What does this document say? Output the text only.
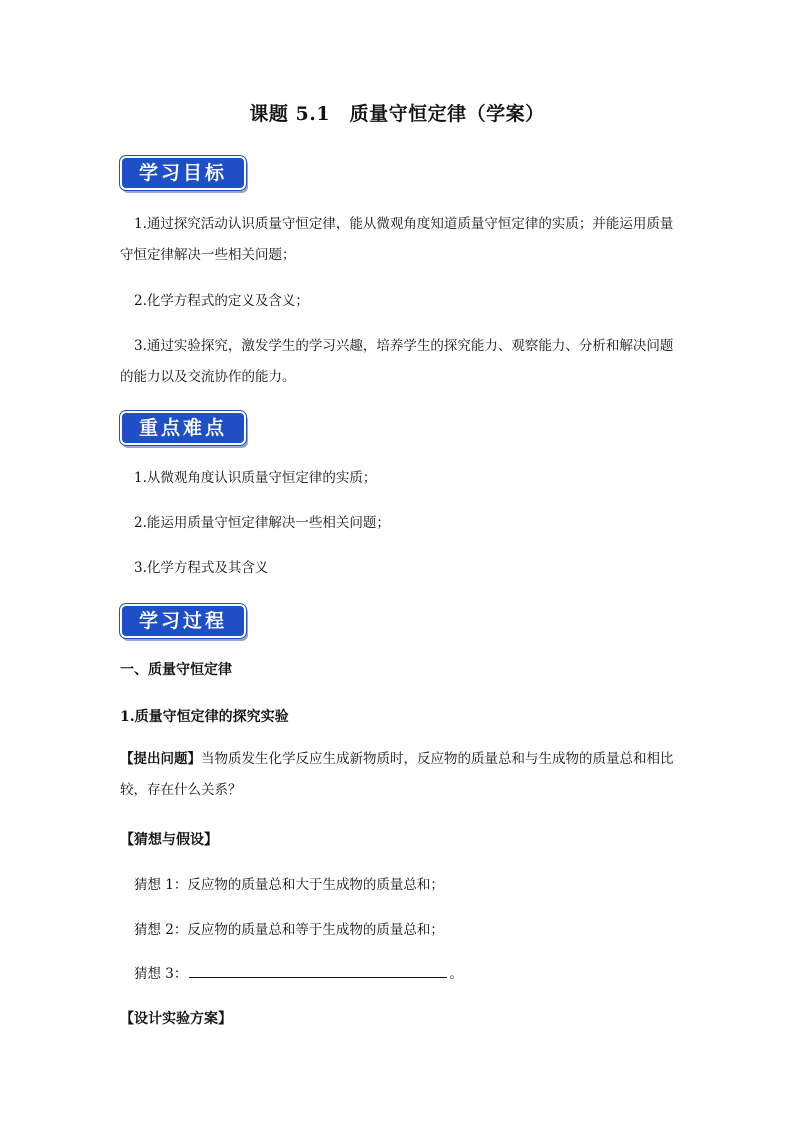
课题 5.1　质量守恒定律（学案）
学习目标

1.通过探究活动认识质量守恒定律，能从微观角度知道质量守恒定律的实质；并能运用质量守恒定律解决一些相关问题；

2.化学方程式的定义及含义；

3.通过实验探究，激发学生的学习兴趣，培养学生的探究能力、观察能力、分析和解决问题的能力以及交流协作的能力。

重点难点

1.从微观角度认识质量守恒定律的实质；

2.能运用质量守恒定律解决一些相关问题；

3.化学方程式及其含义

学习过程

一、质量守恒定律

1.质量守恒定律的探究实验

【提出问题】当物质发生化学反应生成新物质时，反应物的质量总和与生成物的质量总和相比较，存在什么关系？

【猜想与假设】

猜想 1：反应物的质量总和大于生成物的质量总和；

猜想 2：反应物的质量总和等于生成物的质量总和；

猜想 3：	。

【设计实验方案】
